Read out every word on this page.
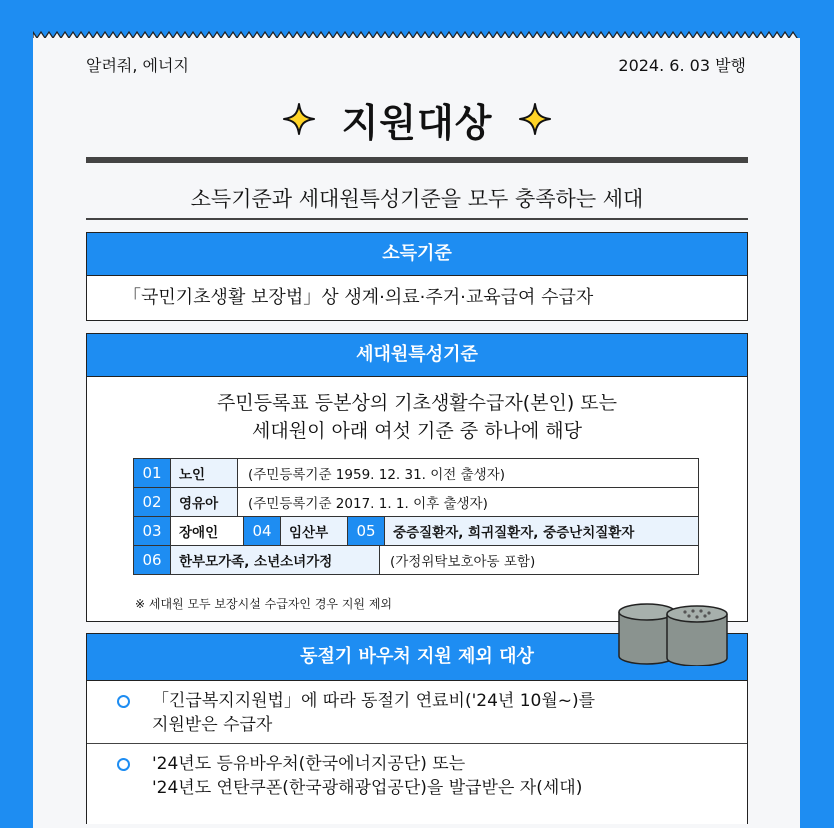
알려줘, 에너지	2024. 6. 03 발행
지원대상
소득기준과 세대원특성기준을 모두 충족하는 세대
소득기준
「국민기초생활 보장법」상 생계·의료·주거·교육급여 수급자
세대원특성기준
주민등록표 등본상의 기초생활수급자(본인) 또는
세대원이 아래 여섯 기준 중 하나에 해당
01	노인	(주민등록기준 1959. 12. 31. 이전 출생자)
02	영유아	(주민등록기준 2017. 1. 1. 이후 출생자)
03	장애인	04	임산부	05	중증질환자, 희귀질환자, 중증난치질환자
06	한부모가족, 소년소녀가정	(가정위탁보호아동 포함)
※ 세대원 모두 보장시설 수급자인 경우 지원 제외
동절기 바우처 지원 제외 대상
「긴급복지지원법」에 따라 동절기 연료비('24년 10월~)를
지원받은 수급자
'24년도 등유바우처(한국에너지공단) 또는
'24년도 연탄쿠폰(한국광해광업공단)을 발급받은 자(세대)
